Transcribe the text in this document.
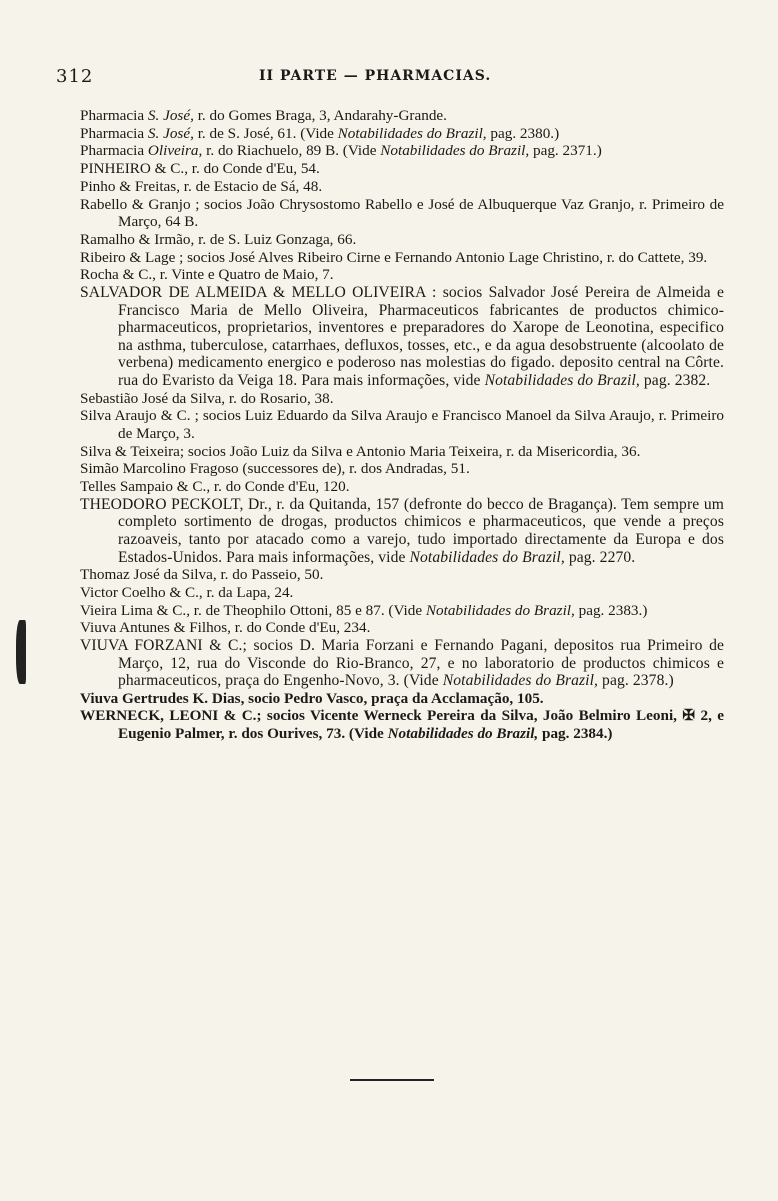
312	II PARTE — PHARMACIAS.

Pharmacia S. José, r. do Gomes Braga, 3, Andarahy-Grande.

Pharmacia S. José, r. de S. José, 61. (Vide Notabilidades do Brazil, pag. 2380.)

Pharmacia Oliveira, r. do Riachuelo, 89 B. (Vide Notabilidades do Brazil, pag. 2371.)

PINHEIRO & C., r. do Conde d'Eu, 54.

Pinho & Freitas, r. de Estacio de Sá, 48.

Rabello & Granjo ; socios João Chrysostomo Rabello e José de Albuquerque Vaz Granjo, r. Primeiro de Março, 64 B.

Ramalho & Irmão, r. de S. Luiz Gonzaga, 66.

Ribeiro & Lage ; socios José Alves Ribeiro Cirne e Fernando Antonio Lage Christino, r. do Cattete, 39.

Rocha & C., r. Vinte e Quatro de Maio, 7.

SALVADOR DE ALMEIDA & MELLO OLIVEIRA : socios Salvador José Pereira de Almeida e Francisco Maria de Mello Oliveira, Pharmaceuticos fabricantes de productos chimico-pharmaceuticos, proprietarios, inventores e preparadores do Xarope de Leonotina, especifico na asthma, tuberculose, catarrhaes, defluxos, tosses, etc., e da agua desobstruente (alcoolato de verbena) medicamento energico e poderoso nas molestias do figado. deposito central na Côrte. rua do Evaristo da Veiga 18. Para mais informações, vide Notabilidades do Brazil, pag. 2382.

Sebastião José da Silva, r. do Rosario, 38.

Silva Araujo & C. ; socios Luiz Eduardo da Silva Araujo e Francisco Manoel da Silva Araujo, r. Primeiro de Março, 3.

Silva & Teixeira; socios João Luiz da Silva e Antonio Maria Teixeira, r. da Misericordia, 36.

Simão Marcolino Fragoso (successores de), r. dos Andradas, 51.

Telles Sampaio & C., r. do Conde d'Eu, 120.

THEODORO PECKOLT, Dr., r. da Quitanda, 157 (defronte do becco de Bragança). Tem sempre um completo sortimento de drogas, productos chimicos e pharmaceuticos, que vende a preços razoaveis, tanto por atacado como a varejo, tudo importado directamente da Europa e dos Estados-Unidos. Para mais informações, vide Notabilidades do Brazil, pag. 2270.

Thomaz José da Silva, r. do Passeio, 50.

Victor Coelho & C., r. da Lapa, 24.

Vieira Lima & C., r. de Theophilo Ottoni, 85 e 87. (Vide Notabilidades do Brazil, pag. 2383.)

Viuva Antunes & Filhos, r. do Conde d'Eu, 234.

VIUVA FORZANI & C.; socios D. Maria Forzani e Fernando Pagani, depositos rua Primeiro de Março, 12, rua do Visconde do Rio-Branco, 27, e no laboratorio de productos chimicos e pharmaceuticos, praça do Engenho-Novo, 3. (Vide Notabilidades do Brazil, pag. 2378.)

Viuva Gertrudes K. Dias, socio Pedro Vasco, praça da Acclamação, 105.

WERNECK, LEONI & C.; socios Vicente Werneck Pereira da Silva, João Belmiro Leoni, ✠ 2, e Eugenio Palmer, r. dos Ourives, 73. (Vide Notabilidades do Brazil, pag. 2384.)
